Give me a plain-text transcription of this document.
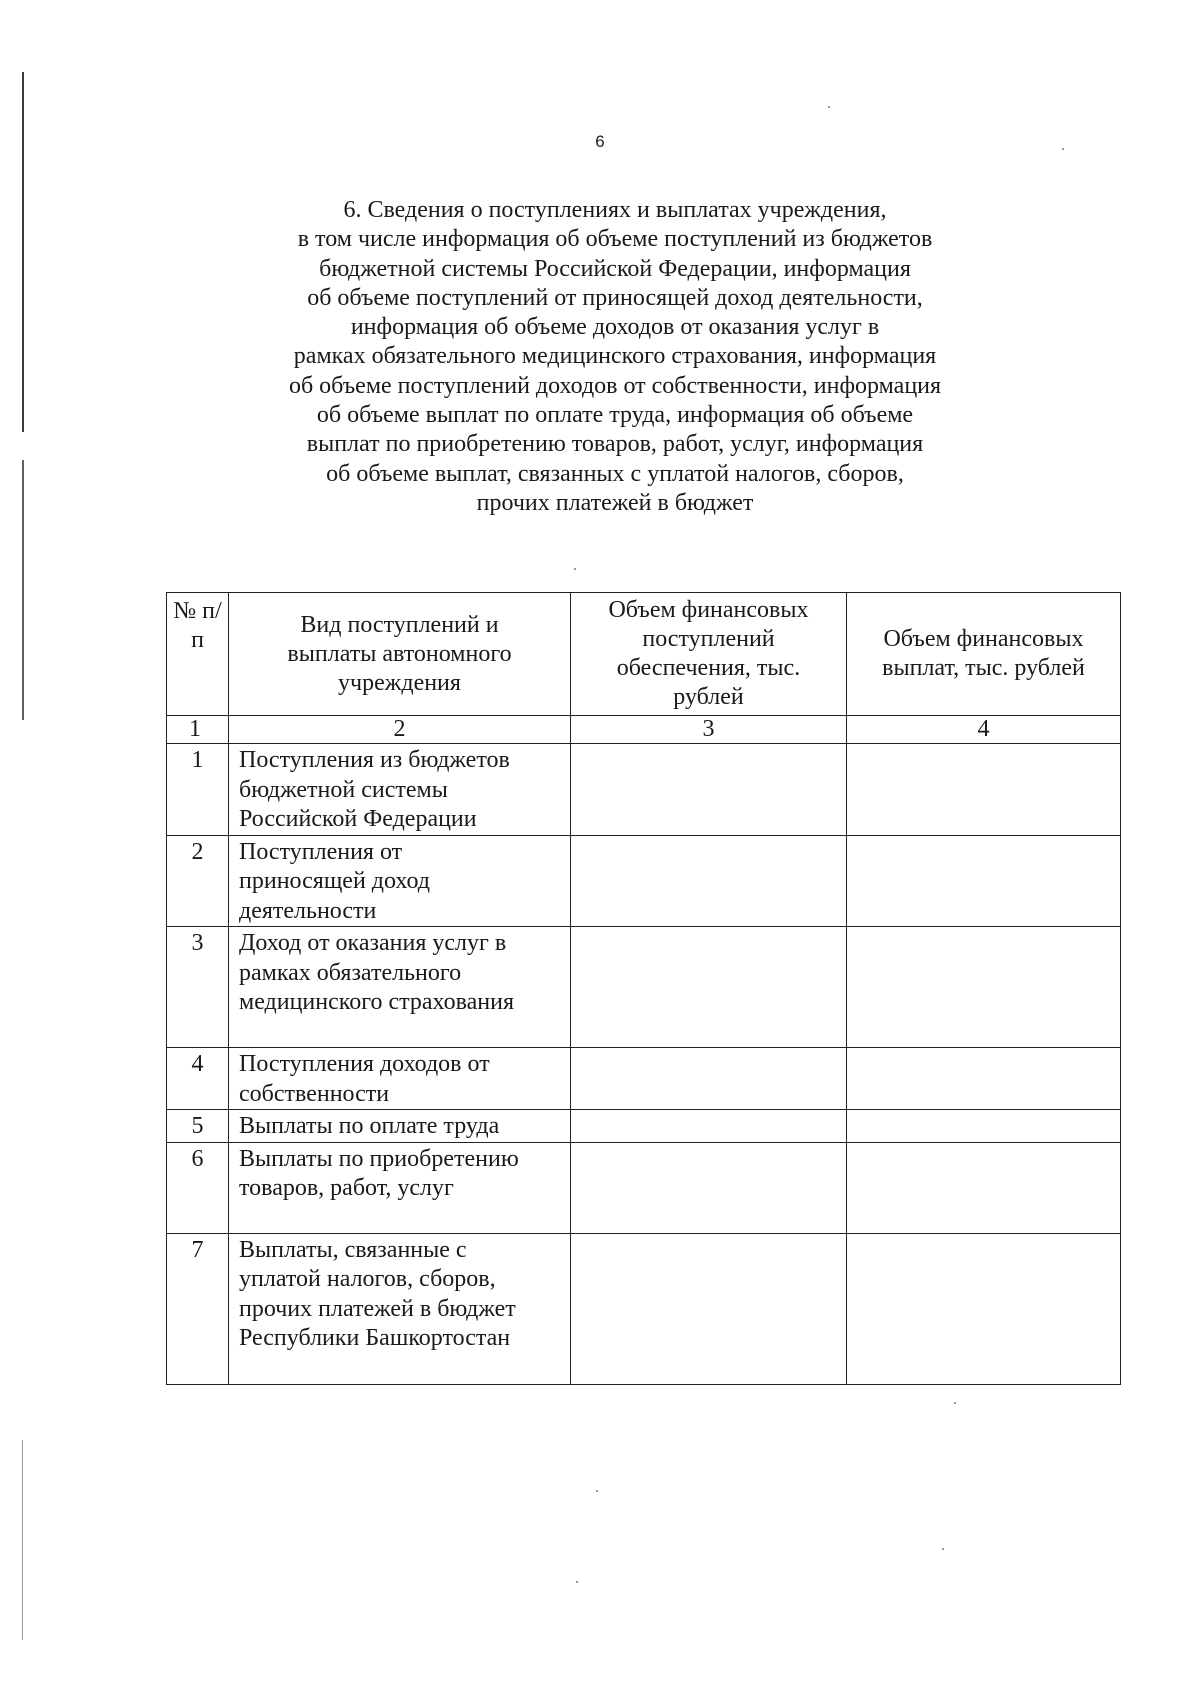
6
6. Сведения о поступлениях и выплатах учреждения,
в том числе информация об объеме поступлений из бюджетов
бюджетной системы Российской Федерации, информация
об объеме поступлений от приносящей доход деятельности,
информация об объеме доходов от оказания услуг в
рамках обязательного медицинского страхования, информация
об объеме поступлений доходов от собственности, информация
об объеме выплат по оплате труда, информация об объеме
выплат по приобретению товаров, работ, услуг, информация
об объеме выплат, связанных с уплатой налогов, сборов,
прочих платежей в бюджет
№ п/п	Вид поступлений и выплаты автономного учреждения	Объем финансовых поступлений обеспечения, тыс. рублей	Объем финансовых выплат, тыс. рублей
1	2	3	4
1	Поступления из бюджетов бюджетной системы Российской Федерации		
2	Поступления от приносящей доход деятельности		
3	Доход от оказания услуг в рамках обязательного медицинского страхования		
4	Поступления доходов от собственности		
5	Выплаты по оплате труда		
6	Выплаты по приобретению товаров, работ, услуг		
7	Выплаты, связанные с уплатой налогов, сборов, прочих платежей в бюджет Республики Башкортостан		
